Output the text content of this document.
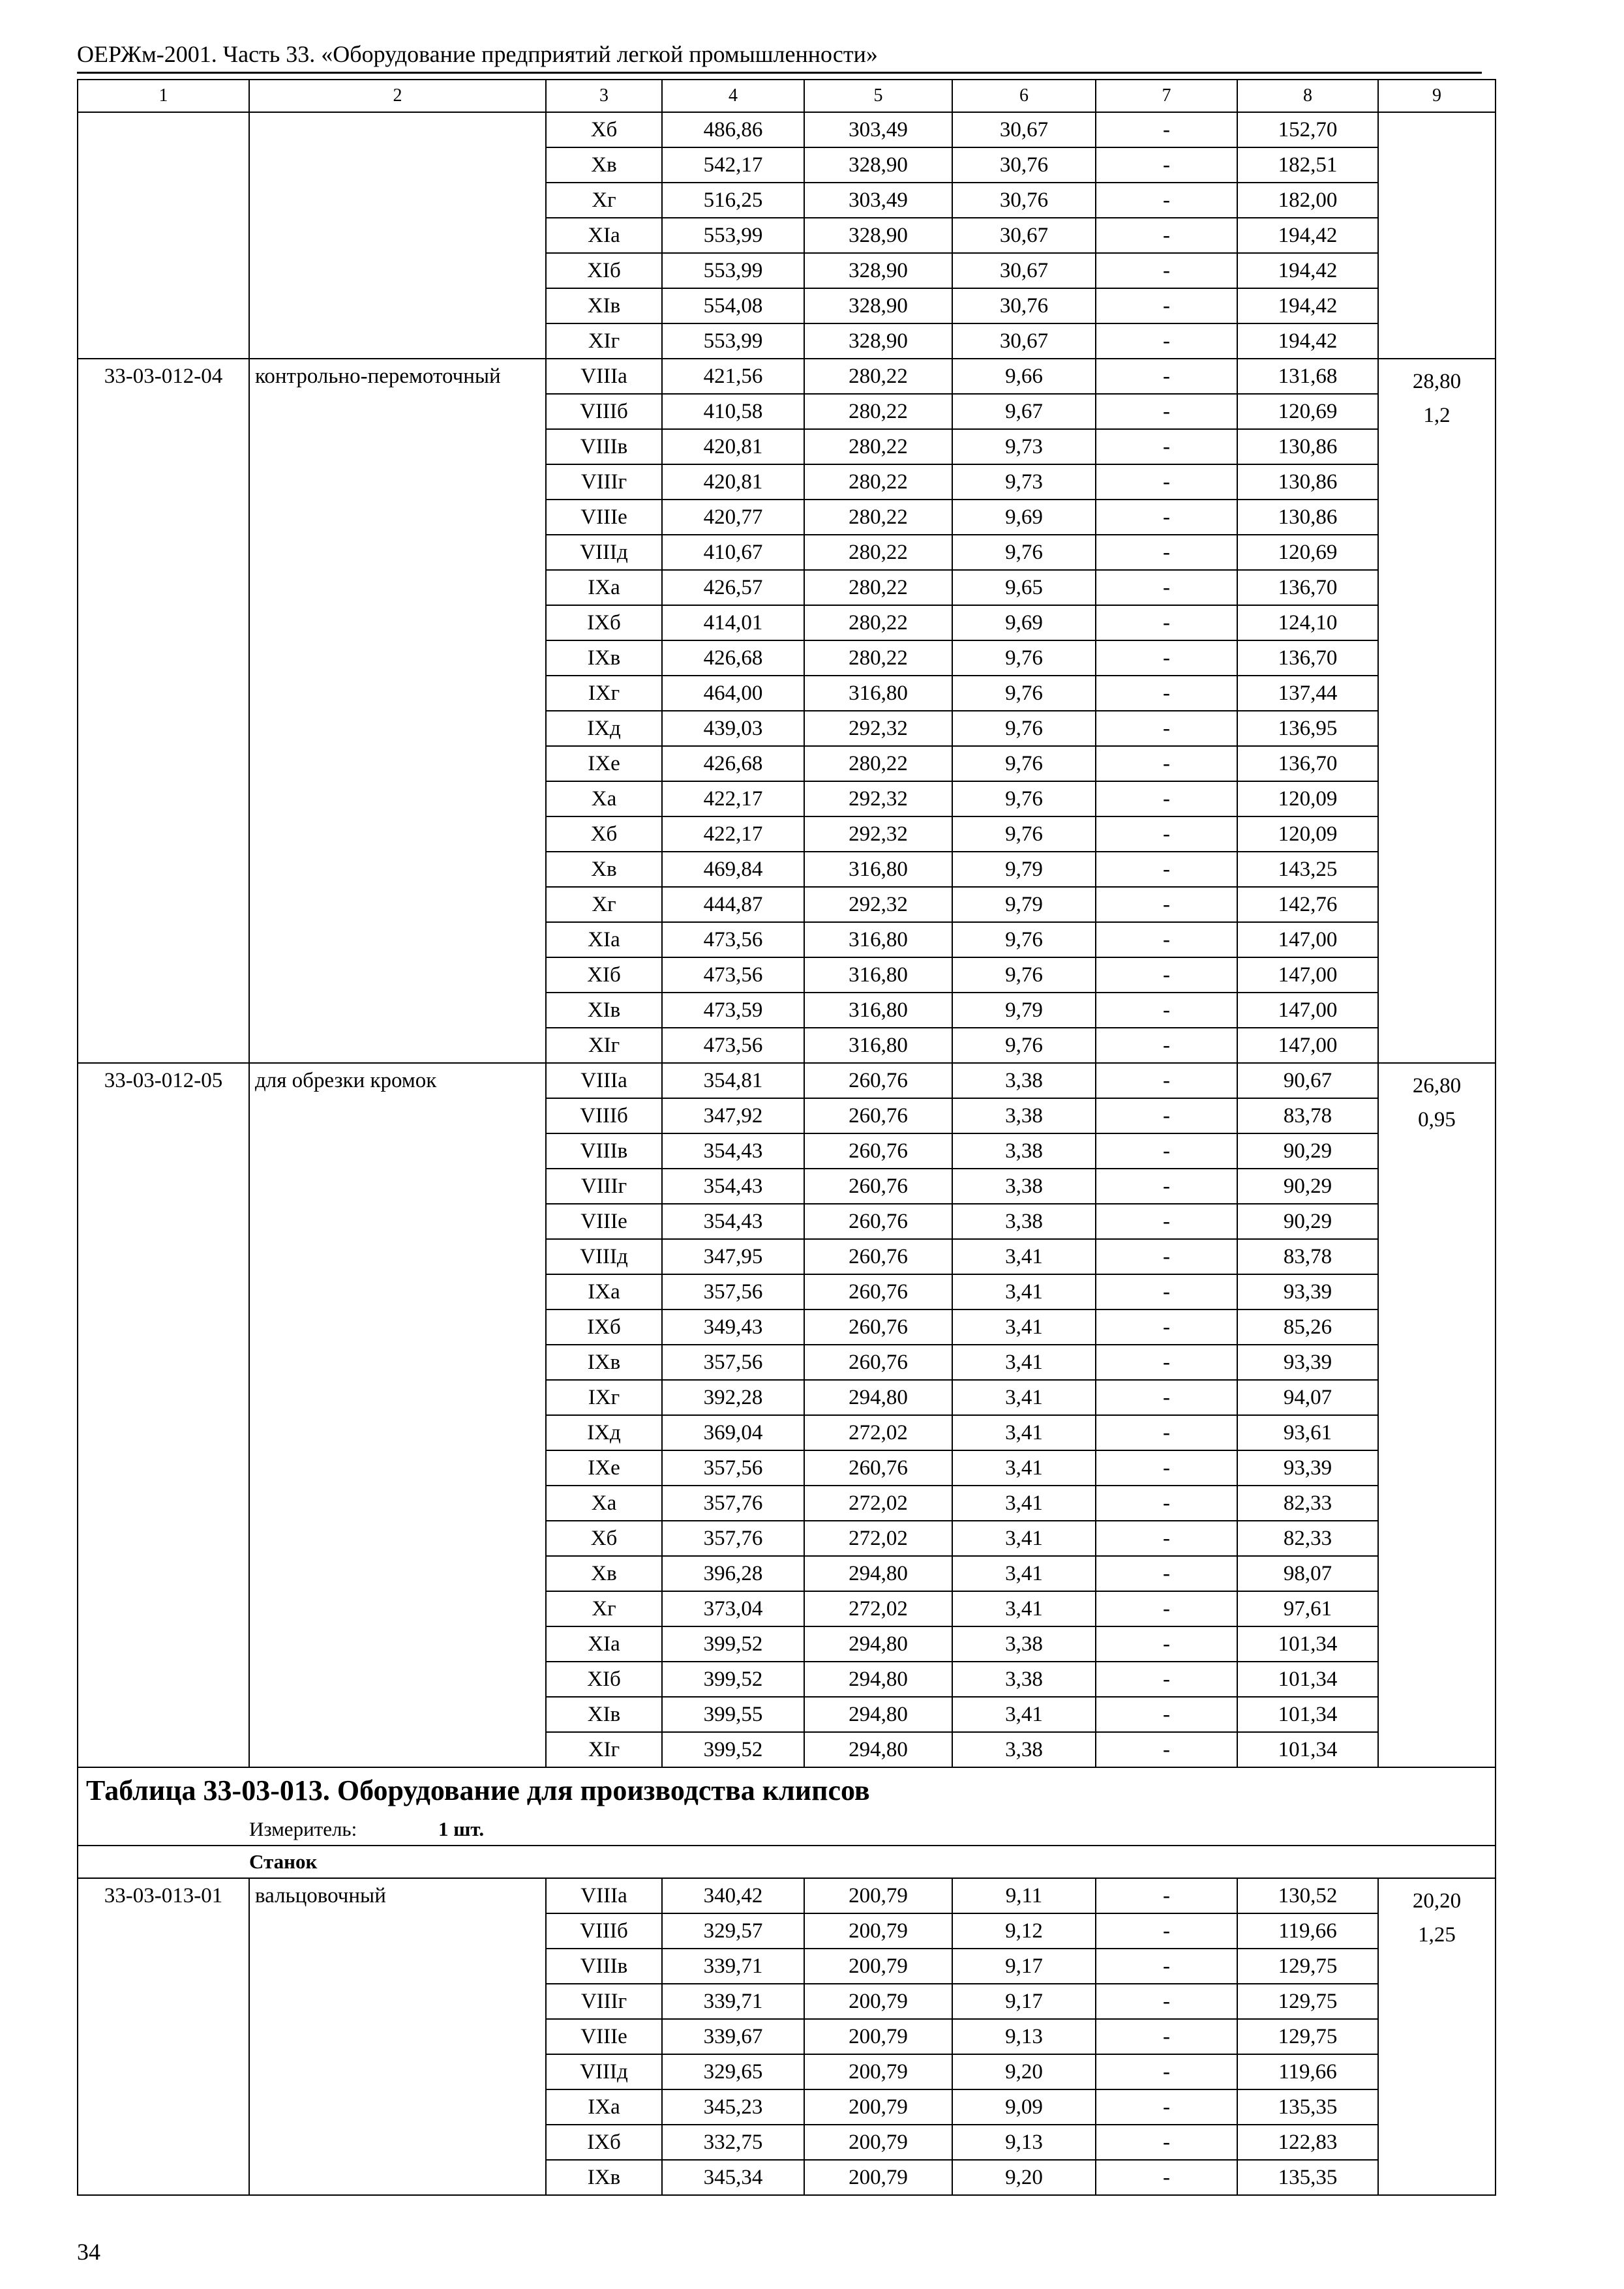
ОЕРЖм-2001. Часть 33. «Оборудование предприятий легкой промышленности»
1	2	3	4	5	6	7	8	9
		Хб	486,86	303,49	30,67	-	152,70	
		Хв	542,17	328,90	30,76	-	182,51	
		Хг	516,25	303,49	30,76	-	182,00	
		ХIа	553,99	328,90	30,67	-	194,42	
		ХIб	553,99	328,90	30,67	-	194,42	
		ХIв	554,08	328,90	30,76	-	194,42	
		ХIг	553,99	328,90	30,67	-	194,42	
33-03-012-04	контрольно-перемоточный	VIIIа	421,56	280,22	9,66	-	131,68	28,80
1,2

		VIIIб	410,58	280,22	9,67	-	120,69	
		VIIIв	420,81	280,22	9,73	-	130,86	
		VIIIг	420,81	280,22	9,73	-	130,86	
		VIIIе	420,77	280,22	9,69	-	130,86	
		VIIIд	410,67	280,22	9,76	-	120,69	
		IXа	426,57	280,22	9,65	-	136,70	
		IXб	414,01	280,22	9,69	-	124,10	
		IXв	426,68	280,22	9,76	-	136,70	
		IXг	464,00	316,80	9,76	-	137,44	
		IXд	439,03	292,32	9,76	-	136,95	
		IXе	426,68	280,22	9,76	-	136,70	
		Ха	422,17	292,32	9,76	-	120,09	
		Хб	422,17	292,32	9,76	-	120,09	
		Хв	469,84	316,80	9,79	-	143,25	
		Хг	444,87	292,32	9,79	-	142,76	
		ХIа	473,56	316,80	9,76	-	147,00	
		ХIб	473,56	316,80	9,76	-	147,00	
		ХIв	473,59	316,80	9,79	-	147,00	
		ХIг	473,56	316,80	9,76	-	147,00	
33-03-012-05	для обрезки кромок	VIIIа	354,81	260,76	3,38	-	90,67	26,80
0,95

		VIIIб	347,92	260,76	3,38	-	83,78	
		VIIIв	354,43	260,76	3,38	-	90,29	
		VIIIг	354,43	260,76	3,38	-	90,29	
		VIIIе	354,43	260,76	3,38	-	90,29	
		VIIIд	347,95	260,76	3,41	-	83,78	
		IXа	357,56	260,76	3,41	-	93,39	
		IXб	349,43	260,76	3,41	-	85,26	
		IXв	357,56	260,76	3,41	-	93,39	
		IXг	392,28	294,80	3,41	-	94,07	
		IXд	369,04	272,02	3,41	-	93,61	
		IXе	357,56	260,76	3,41	-	93,39	
		Ха	357,76	272,02	3,41	-	82,33	
		Хб	357,76	272,02	3,41	-	82,33	
		Хв	396,28	294,80	3,41	-	98,07	
		Хг	373,04	272,02	3,41	-	97,61	
		ХIа	399,52	294,80	3,38	-	101,34	
		ХIб	399,52	294,80	3,38	-	101,34	
		ХIв	399,55	294,80	3,41	-	101,34	
		ХIг	399,52	294,80	3,38	-	101,34	
Таблица 33-03-013. Оборудование для производства клипсов								
Измеритель: 1 шт.								
Станок								
33-03-013-01	вальцовочный	VIIIа	340,42	200,79	9,11	-	130,52	20,20
1,25

		VIIIб	329,57	200,79	9,12	-	119,66	
		VIIIв	339,71	200,79	9,17	-	129,75	
		VIIIг	339,71	200,79	9,17	-	129,75	
		VIIIе	339,67	200,79	9,13	-	129,75	
		VIIIд	329,65	200,79	9,20	-	119,66	
		IXа	345,23	200,79	9,09	-	135,35	
		IXб	332,75	200,79	9,13	-	122,83	
		IXв	345,34	200,79	9,20	-	135,35	
34
